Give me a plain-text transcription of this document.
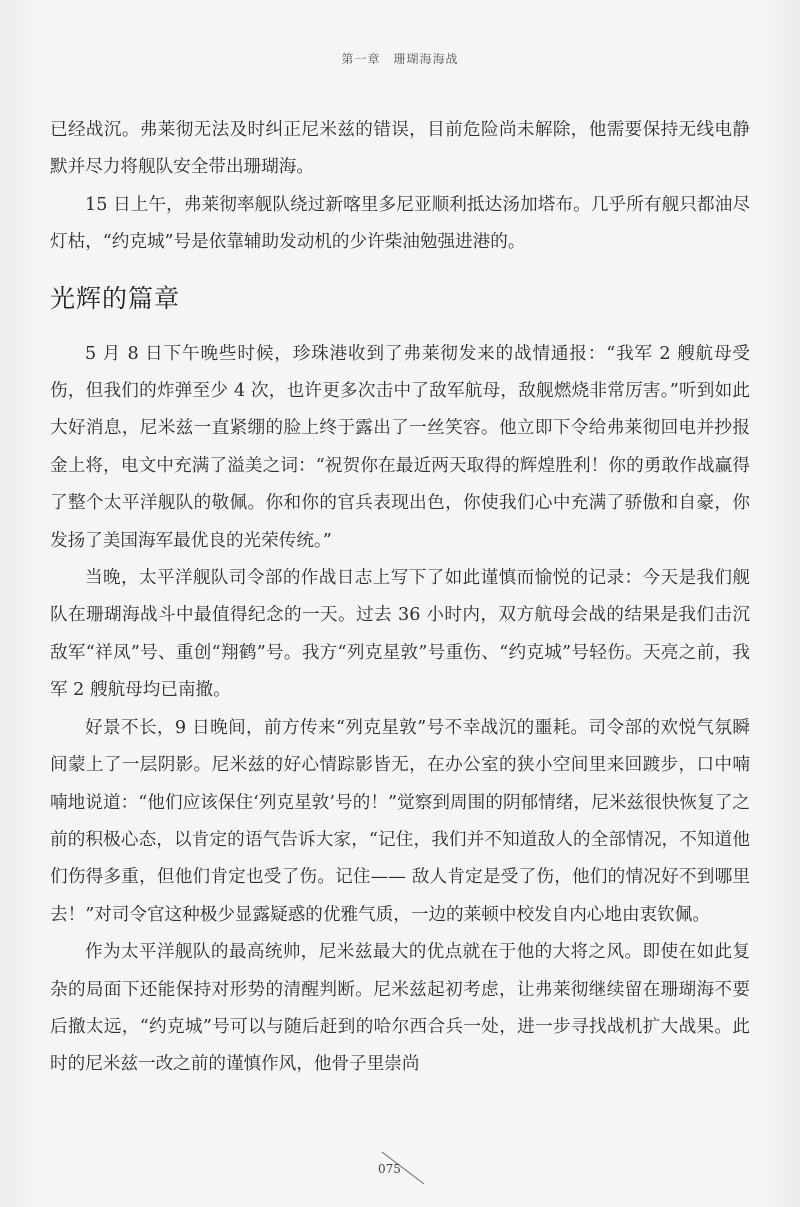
第一章　珊瑚海海战

已经战沉。弗莱彻无法及时纠正尼米兹的错误，目前危险尚未解除，他需要保持无线电静默并尽力将舰队安全带出珊瑚海。

15 日上午，弗莱彻率舰队绕过新喀里多尼亚顺利抵达汤加塔布。几乎所有舰只都油尽灯枯，“约克城”号是依靠辅助发动机的少许柴油勉强进港的。

光辉的篇章

5 月 8 日下午晚些时候，珍珠港收到了弗莱彻发来的战情通报：“我军 2 艘航母受伤，但我们的炸弹至少 4 次，也许更多次击中了敌军航母，敌舰燃烧非常厉害。”听到如此大好消息，尼米兹一直紧绷的脸上终于露出了一丝笑容。他立即下令给弗莱彻回电并抄报金上将，电文中充满了溢美之词：“祝贺你在最近两天取得的辉煌胜利！你的勇敢作战赢得了整个太平洋舰队的敬佩。你和你的官兵表现出色，你使我们心中充满了骄傲和自豪，你发扬了美国海军最优良的光荣传统。”

当晚，太平洋舰队司令部的作战日志上写下了如此谨慎而愉悦的记录：今天是我们舰队在珊瑚海战斗中最值得纪念的一天。过去 36 小时内，双方航母会战的结果是我们击沉敌军“祥凤”号、重创“翔鹤”号。我方“列克星敦”号重伤、“约克城”号轻伤。天亮之前，我军 2 艘航母均已南撤。

好景不长，9 日晚间，前方传来“列克星敦”号不幸战沉的噩耗。司令部的欢悦气氛瞬间蒙上了一层阴影。尼米兹的好心情踪影皆无，在办公室的狭小空间里来回踱步，口中喃喃地说道：“他们应该保住‘列克星敦’号的！”觉察到周围的阴郁情绪，尼米兹很快恢复了之前的积极心态，以肯定的语气告诉大家，“记住，我们并不知道敌人的全部情况，不知道他们伤得多重，但他们肯定也受了伤。记住—— 敌人肯定是受了伤，他们的情况好不到哪里去！”对司令官这种极少显露疑惑的优雅气质，一边的莱顿中校发自内心地由衷钦佩。

作为太平洋舰队的最高统帅，尼米兹最大的优点就在于他的大将之风。即使在如此复杂的局面下还能保持对形势的清醒判断。尼米兹起初考虑，让弗莱彻继续留在珊瑚海不要后撤太远，“约克城”号可以与随后赶到的哈尔西合兵一处，进一步寻找战机扩大战果。此时的尼米兹一改之前的谨慎作风，他骨子里崇尚

075
